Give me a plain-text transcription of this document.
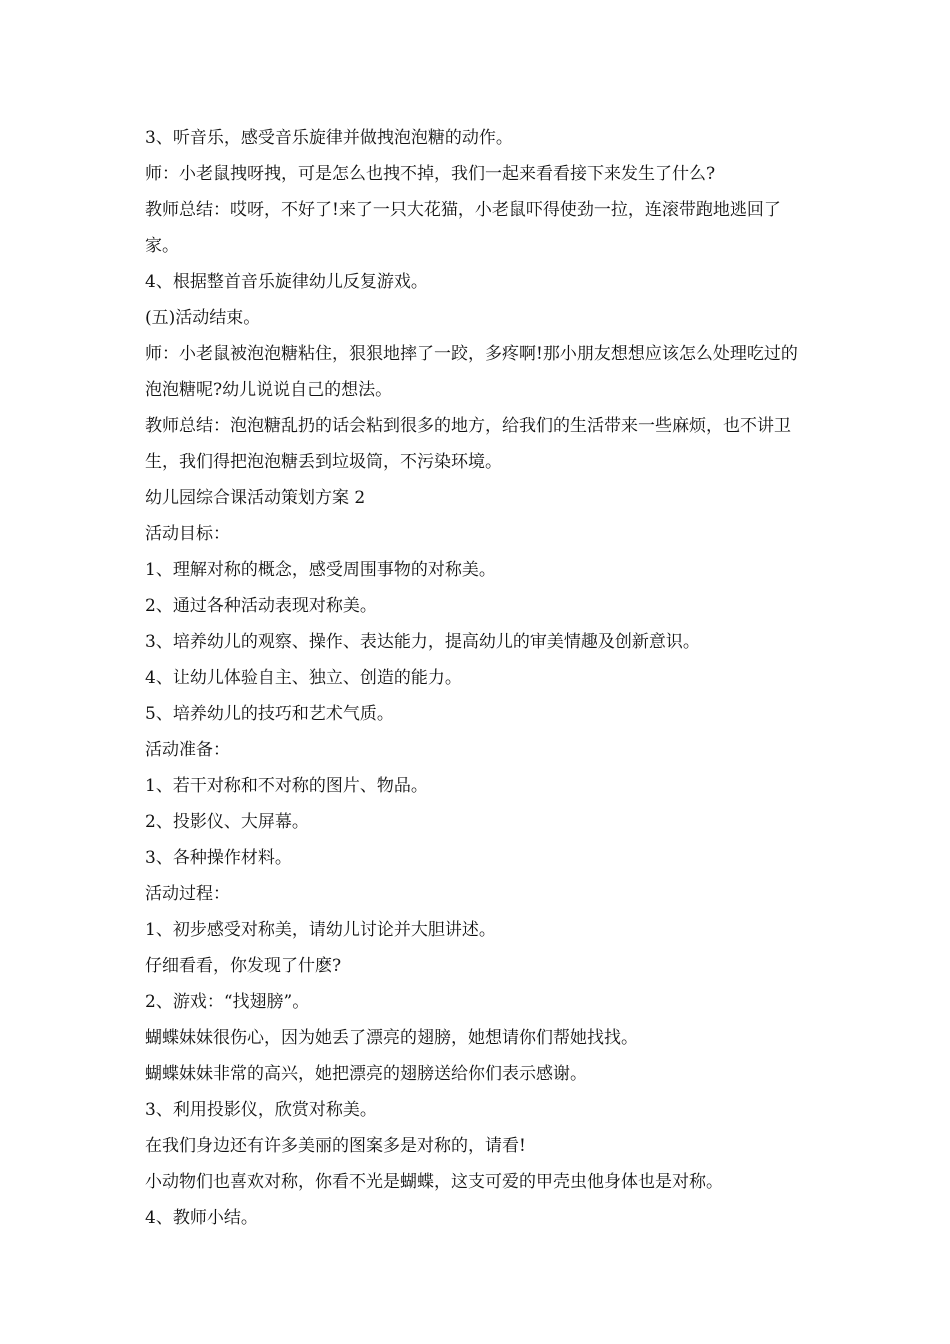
3、听音乐，感受音乐旋律并做拽泡泡糖的动作。

师：小老鼠拽呀拽，可是怎么也拽不掉，我们一起来看看接下来发生了什么?

教师总结：哎呀，不好了!来了一只大花猫，小老鼠吓得使劲一拉，连滚带跑地逃回了家。

4、根据整首音乐旋律幼儿反复游戏。

(五)活动结束。

师：小老鼠被泡泡糖粘住，狠狠地摔了一跤，多疼啊!那小朋友想想应该怎么处理吃过的泡泡糖呢?幼儿说说自己的想法。

教师总结：泡泡糖乱扔的话会粘到很多的地方，给我们的生活带来一些麻烦，也不讲卫生，我们得把泡泡糖丢到垃圾筒，不污染环境。

幼儿园综合课活动策划方案 2

活动目标：

1、理解对称的概念，感受周围事物的对称美。

2、通过各种活动表现对称美。

3、培养幼儿的观察、操作、表达能力，提高幼儿的审美情趣及创新意识。

4、让幼儿体验自主、独立、创造的能力。

5、培养幼儿的技巧和艺术气质。

活动准备：

1、若干对称和不对称的图片、物品。

2、投影仪、大屏幕。

3、各种操作材料。

活动过程：

1、初步感受对称美，请幼儿讨论并大胆讲述。

仔细看看，你发现了什麽?

2、游戏：“找翅膀”。

蝴蝶妹妹很伤心，因为她丢了漂亮的翅膀，她想请你们帮她找找。

蝴蝶妹妹非常的高兴，她把漂亮的翅膀送给你们表示感谢。

3、利用投影仪，欣赏对称美。

在我们身边还有许多美丽的图案多是对称的，请看!

小动物们也喜欢对称，你看不光是蝴蝶，这支可爱的甲壳虫他身体也是对称。

4、教师小结。
